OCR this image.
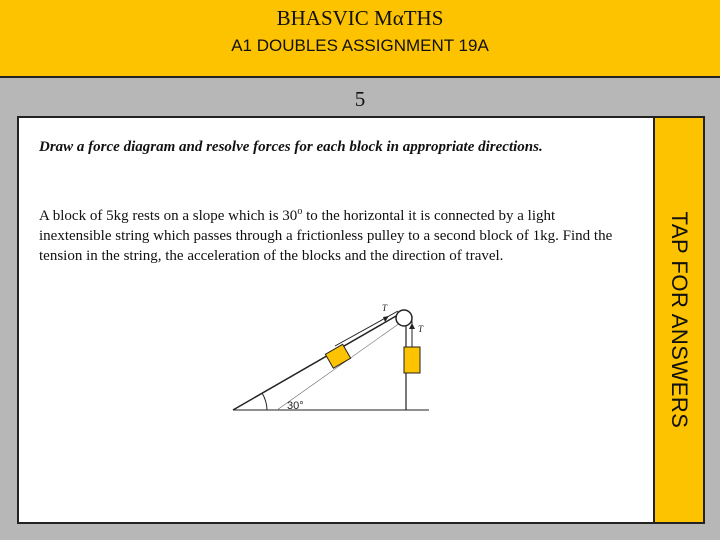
BHASVIC MαTHS
A1 DOUBLES ASSIGNMENT 19A
5

Draw a force diagram and resolve forces for each block in appropriate directions.

A block of 5kg rests on a slope which is 30$^o$ to the horizontal it is connected by a light inextensible string which passes through a frictionless pulley to a second block of 1kg. Find the tension in the string, the acceleration of the blocks and the direction of travel.

T
T
30°	TAP FOR ANSWERS
